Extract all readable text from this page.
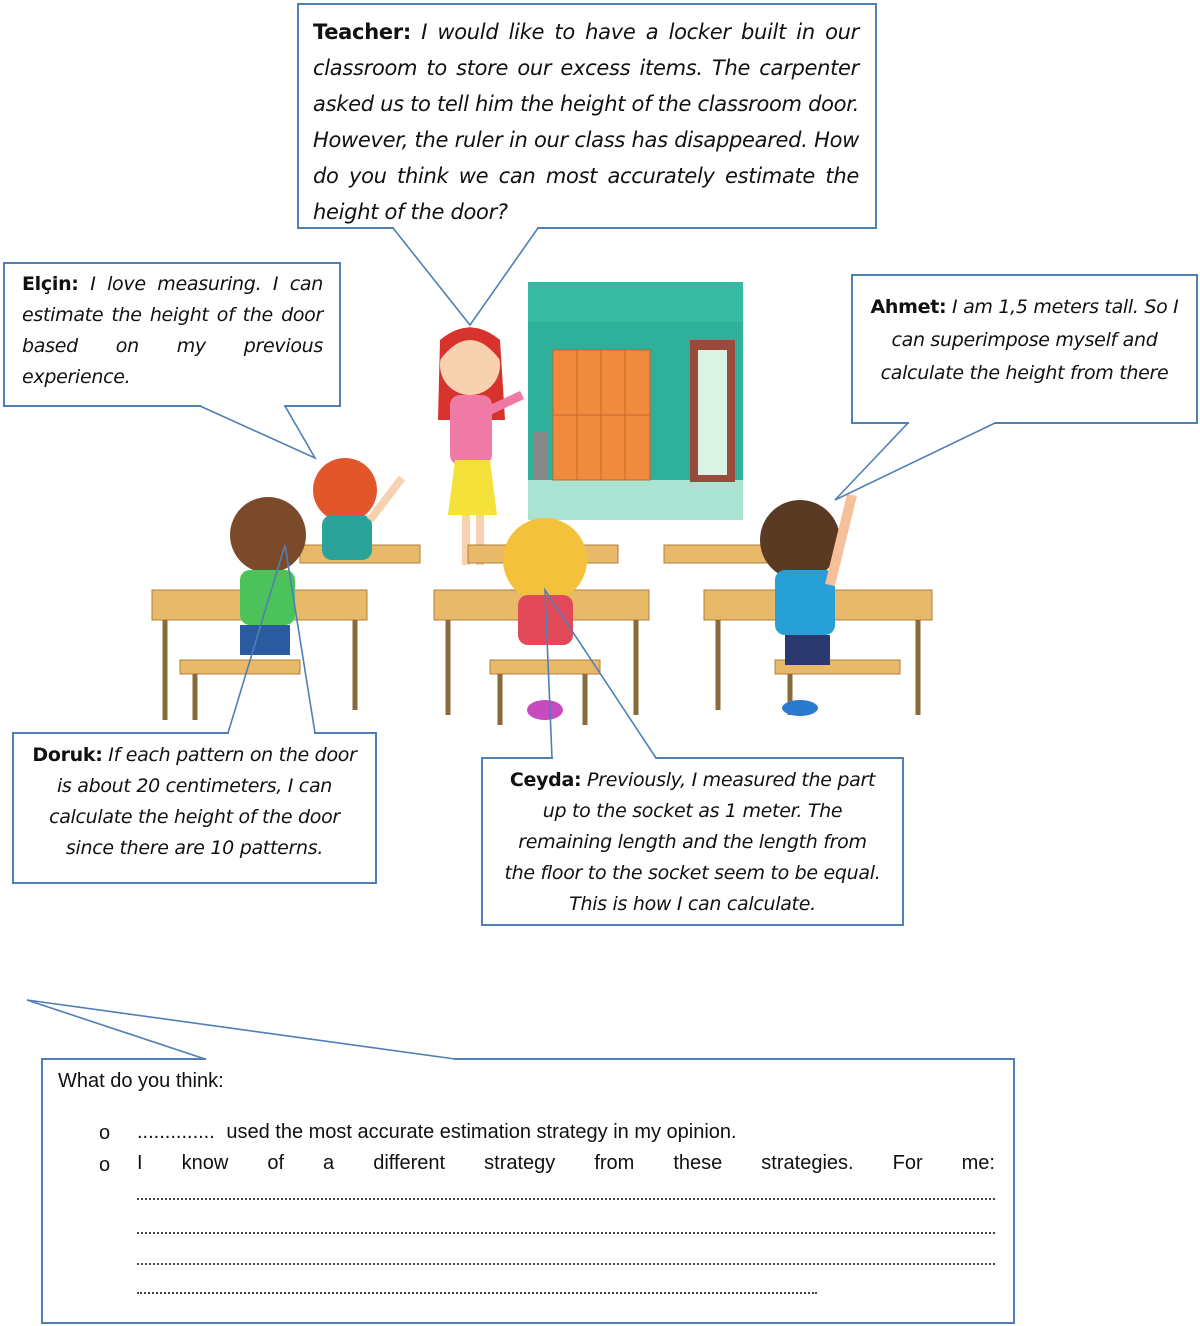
Teacher: I would like to have a locker built in our classroom to store our excess items. The carpenter asked us to tell him the height of the classroom door. However, the ruler in our class has disappeared. How do you think we can most accurately estimate the height of the door?
Elçin: I love measuring. I can estimate the height of the door based on my previous experience.
Ahmet: I am 1,5 meters tall. So I can superimpose myself and calculate the height from there
Doruk: If each pattern on the door is about 20 centimeters, I can calculate the height of the door since there are 10 patterns.
Ceyda: Previously, I measured the part up to the socket as 1 meter. The remaining length and the length from the floor to the socket seem to be equal. This is how I can calculate.
What do you think:
o .............. used the most accurate estimation strategy in my opinion.
o I know of a different strategy from these strategies. For me:
